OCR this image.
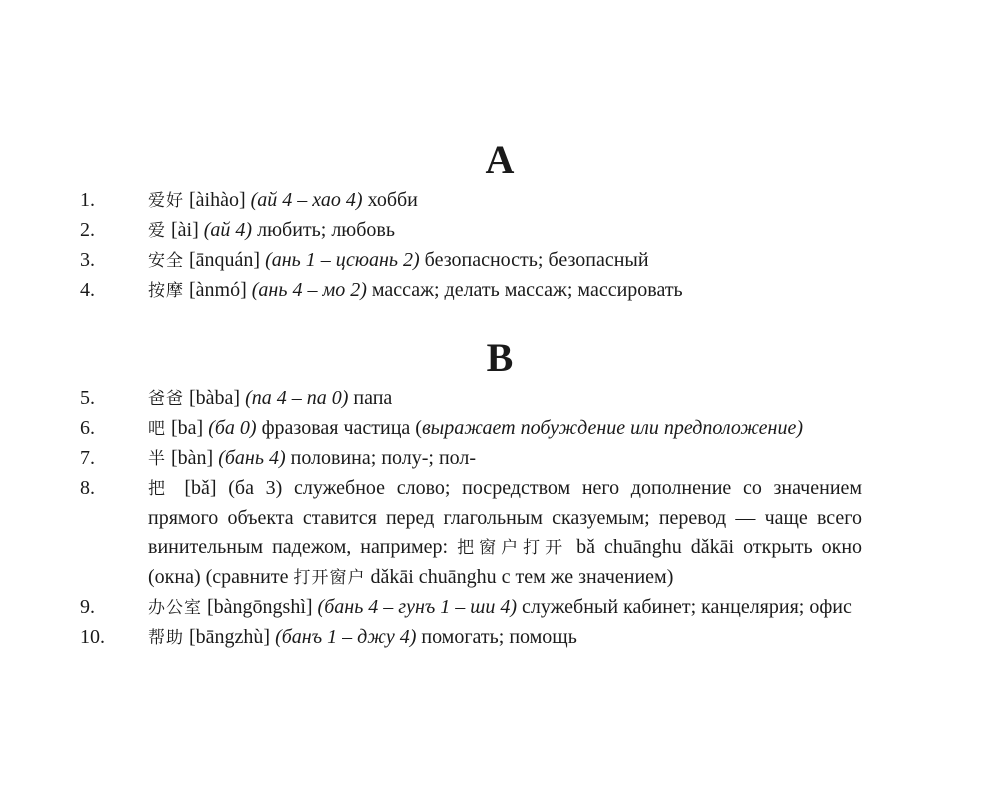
A
1.	爱好 [àihào] (ай 4 – хао 4) хобби
2.	爱 [ài] (ай 4) любить; любовь
3.	安全 [ānquán] (ань 1 – цсюань 2) безопасность; безопасный
4.	按摩 [ànmó] (ань 4 – мо 2) массаж; делать массаж; массировать
B
5.	爸爸 [bàba] (па 4 – па 0) папа
6.	吧 [ba] (ба 0) фразовая частица (выражает побуждение или предположение)
7.	半 [bàn] (бань 4) половина; полу-; пол-
8.	把 [bǎ] (ба 3) служебное слово; посредством него дополнение со значением прямого объекта ставится перед глагольным сказуемым; перевод — чаще всего винительным падежом, например: 把窗户打开 bǎ chuānghu dǎkāi открыть окно (окна) (сравните 打开窗户 dǎkāi chuānghu с тем же значением)
9.	办公室 [bàngōngshì] (бань 4 – гунъ 1 – ши 4) служебный кабинет; канцелярия; офис
10.	帮助 [bāngzhù] (банъ 1 – джу 4) помогать; помощь
